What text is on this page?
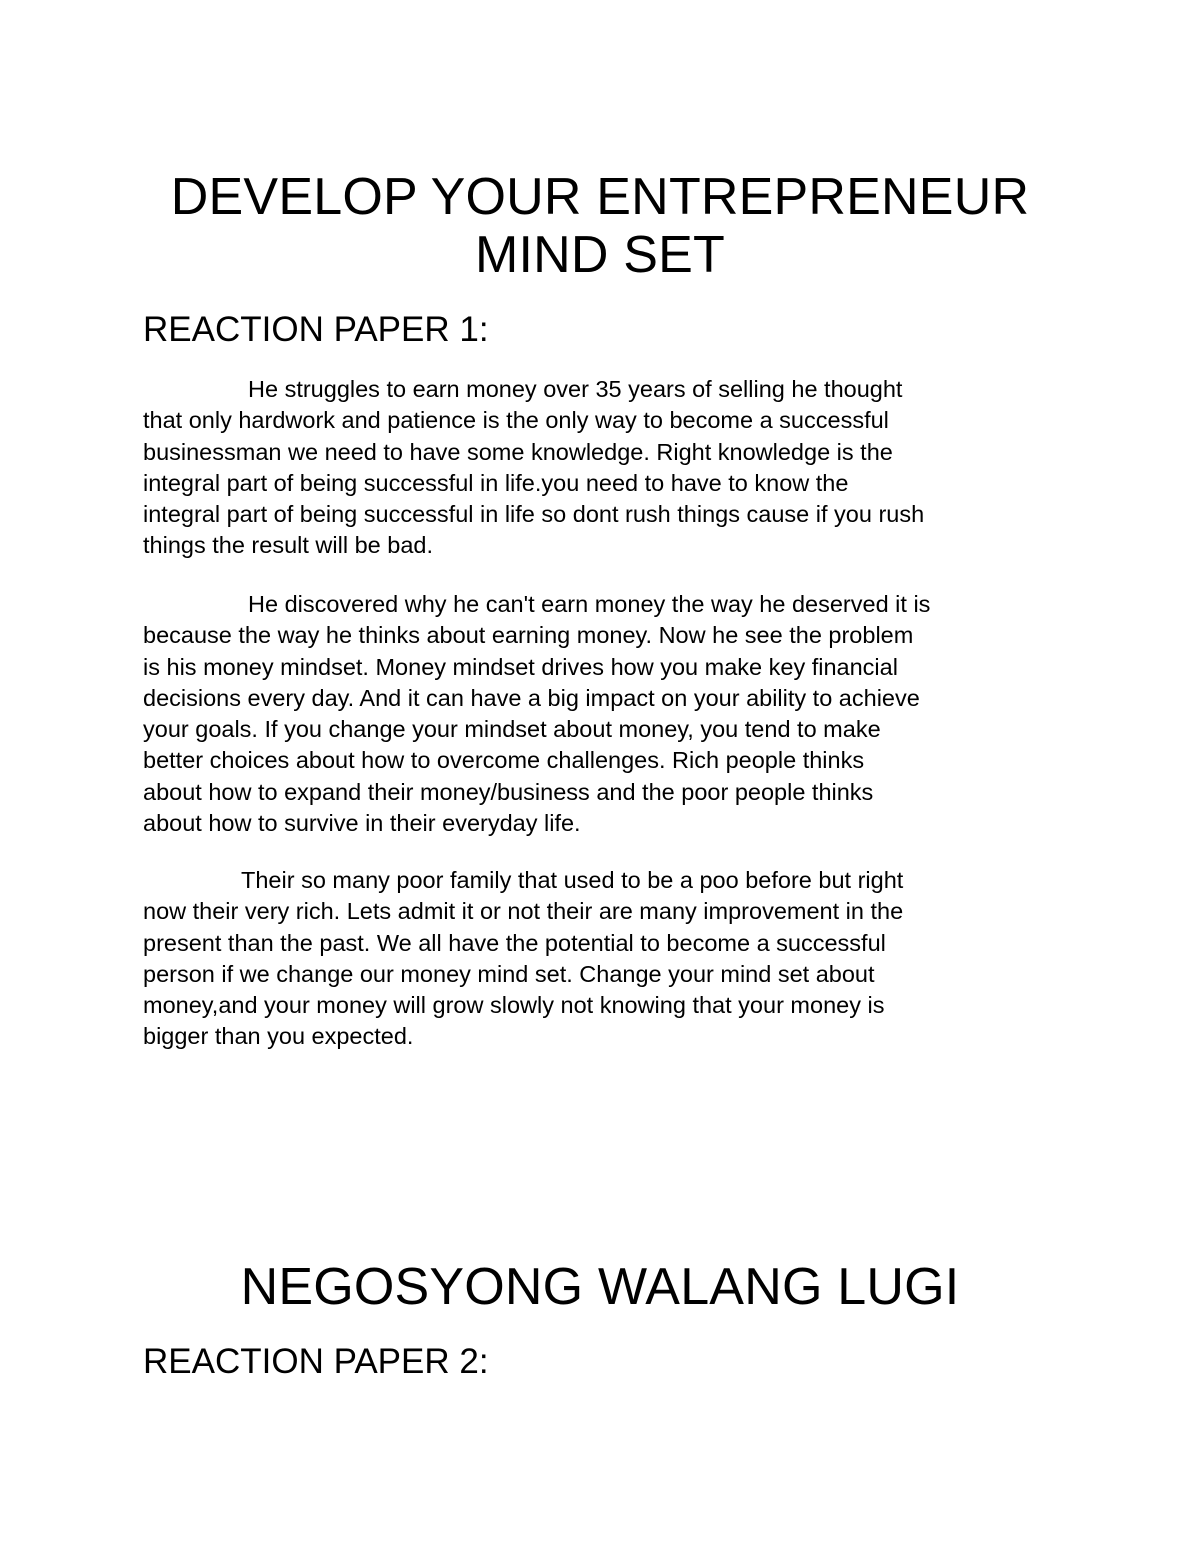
DEVELOP YOUR ENTREPRENEUR
MIND SET
REACTION PAPER 1:

He struggles to earn money over 35 years of selling he thought
that only hardwork and patience is the only way to become a successful
businessman we need to have some knowledge. Right knowledge is the
integral part of being successful in life.you need to have to know the
integral part of being successful in life so dont rush things cause if you rush
things the result will be bad.

He discovered why he can't earn money the way he deserved it is
because the way he thinks about earning money. Now he see the problem
is his money mindset. Money mindset drives how you make key financial
decisions every day. And it can have a big impact on your ability to achieve
your goals. If you change your mindset about money, you tend to make
better choices about how to overcome challenges. Rich people thinks
about how to expand their money/business and the poor people thinks
about how to survive in their everyday life.

Their so many poor family that used to be a poo before but right
now their very rich. Lets admit it or not their are many improvement in the
present than the past. We all have the potential to become a successful
person if we change our money mind set. Change your mind set about
money,and your money will grow slowly not knowing that your money is
bigger than you expected.

NEGOSYONG WALANG LUGI
REACTION PAPER 2:
